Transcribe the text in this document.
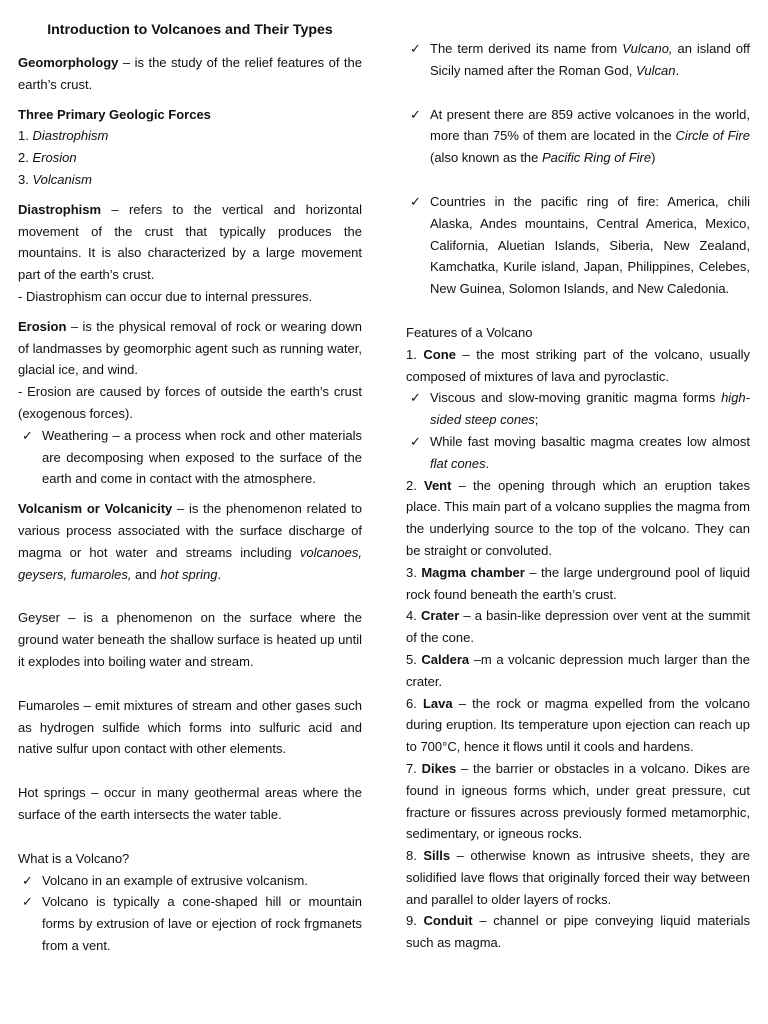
Introduction to Volcanoes and Their Types

Geomorphology – is the study of the relief features of the earth’s crust.

Three Primary Geologic Forces

1. Diastrophism

2. Erosion

3. Volcanism

Diastrophism – refers to the vertical and horizontal movement of the crust that typically produces the mountains. It is also characterized by a large movement part of the earth’s crust.

- Diastrophism can occur due to internal pressures.

Erosion – is the physical removal of rock or wearing down of landmasses by geomorphic agent such as running water, glacial ice, and wind.

- Erosion are caused by forces of outside the earth’s crust (exogenous forces).

✓ Weathering – a process when rock and other materials are decomposing when exposed to the surface of the earth and come in contact with the atmosphere.

Volcanism or Volcanicity – is the phenomenon related to various process associated with the surface discharge of magma or hot water and streams including volcanoes, geysers, fumaroles, and hot spring.

Geyser – is a phenomenon on the surface where the ground water beneath the shallow surface is heated up until it explodes into boiling water and stream.

Fumaroles – emit mixtures of stream and other gases such as hydrogen sulfide which forms into sulfuric acid and native sulfur upon contact with other elements.

Hot springs – occur in many geothermal areas where the surface of the earth intersects the water table.

What is a Volcano?

✓ Volcano in an example of extrusive volcanism.
✓ Volcano is typically a cone-shaped hill or mountain forms by extrusion of lave or ejection of rock frgmanets from a vent.
✓ The term derived its name from Vulcano, an island off Sicily named after the Roman God, Vulcan.
✓ At present there are 859 active volcanoes in the world, more than 75% of them are located in the Circle of Fire (also known as the Pacific Ring of Fire)
✓ Countries in the pacific ring of fire: America, chili Alaska, Andes mountains, Central America, Mexico, California, Aluetian Islands, Siberia, New Zealand, Kamchatka, Kurile island, Japan, Philippines, Celebes, New Guinea, Solomon Islands, and New Caledonia.

Features of a Volcano

1. Cone – the most striking part of the volcano, usually composed of mixtures of lava and pyroclastic.

✓ Viscous and slow-moving granitic magma forms high-sided steep cones;
✓ While fast moving basaltic magma creates low almost flat cones.

2. Vent – the opening through which an eruption takes place. This main part of a volcano supplies the magma from the underlying source to the top of the volcano. They can be straight or convoluted.

3. Magma chamber – the large underground pool of liquid rock found beneath the earth’s crust.

4. Crater – a basin-like depression over vent at the summit of the cone.

5. Caldera –m a volcanic depression much larger than the crater.

6. Lava – the rock or magma expelled from the volcano during eruption. Its temperature upon ejection can reach up to 700°C, hence it flows until it cools and hardens.

7. Dikes – the barrier or obstacles in a volcano. Dikes are found in igneous forms which, under great pressure, cut fracture or fissures across previously formed metamorphic, sedimentary, or igneous rocks.

8. Sills – otherwise known as intrusive sheets, they are solidified lave flows that originally forced their way between and parallel to older layers of rocks.

9. Conduit – channel or pipe conveying liquid materials such as magma.
